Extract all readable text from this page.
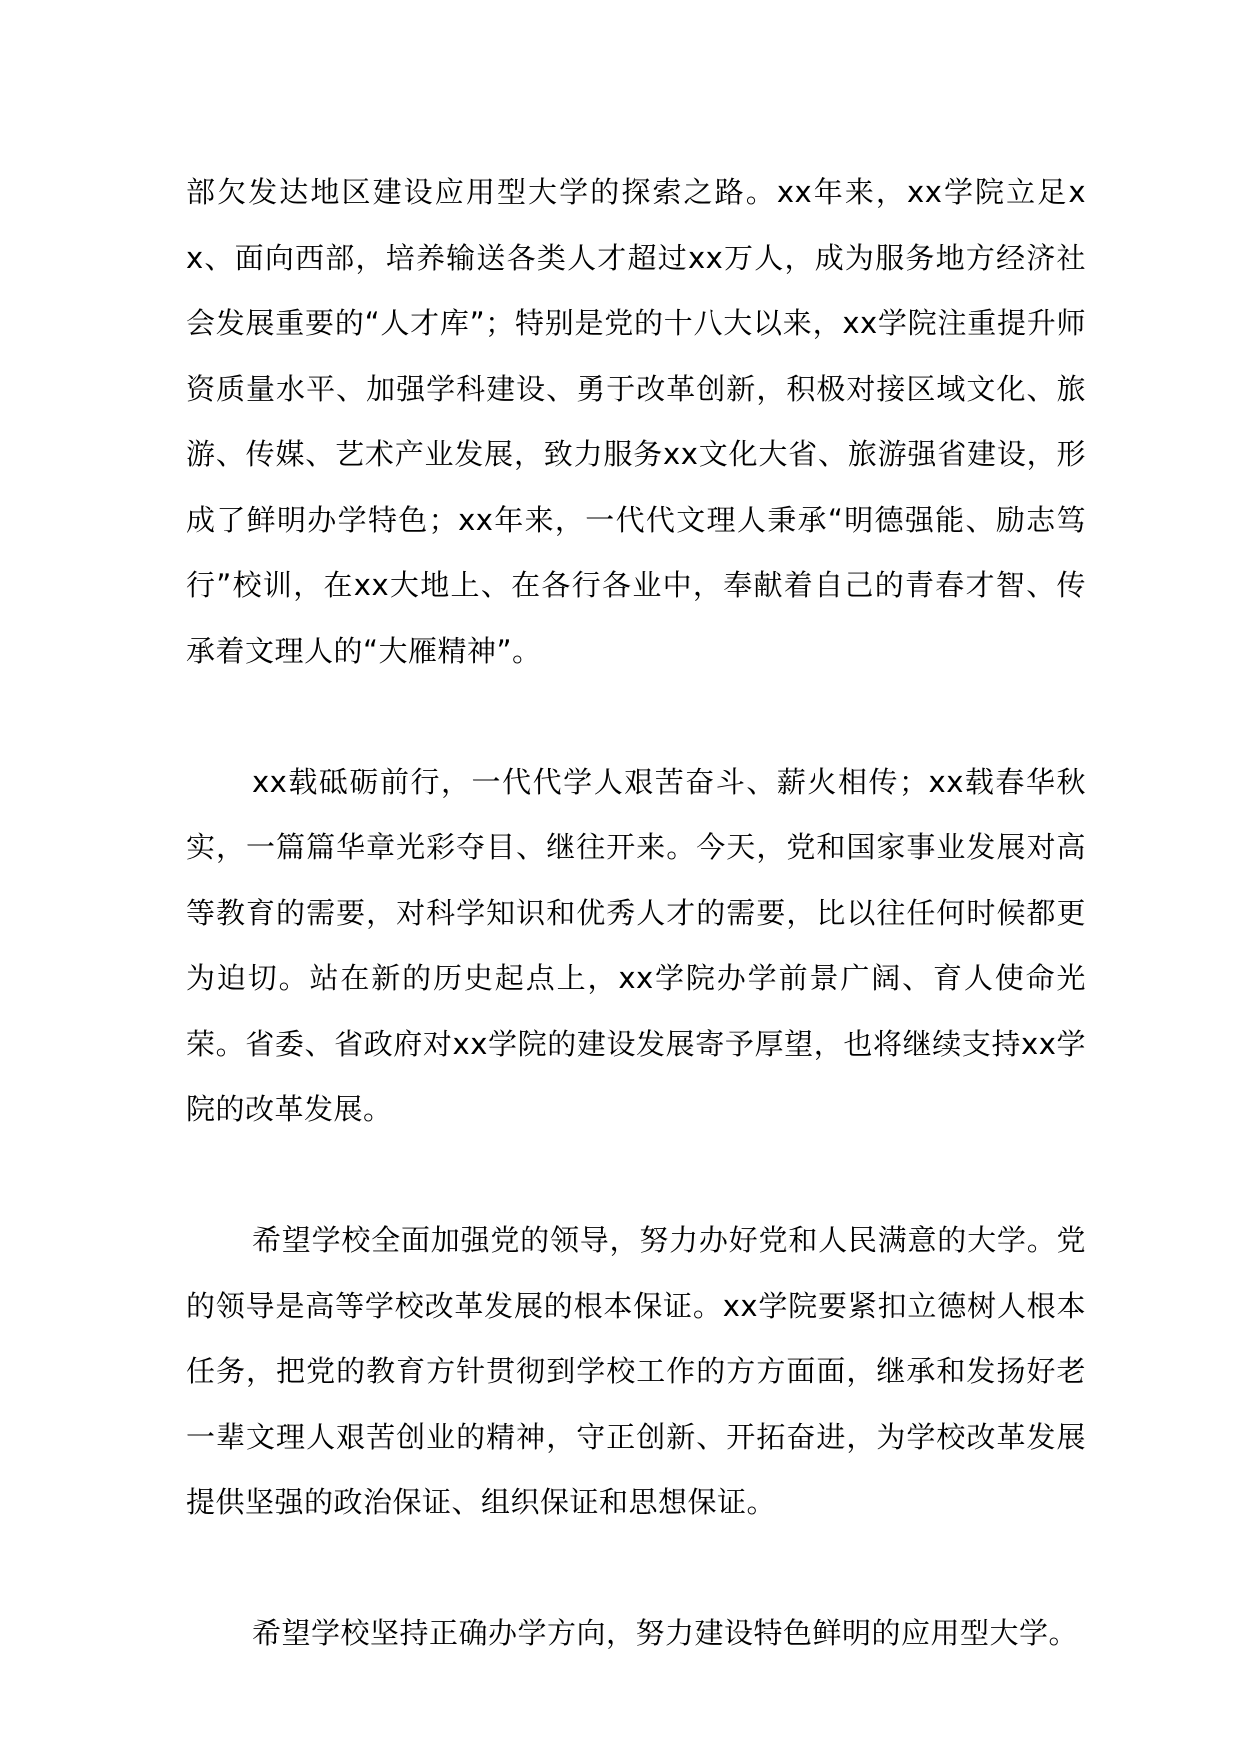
部欠发达地区建设应用型大学的探索之路。xx年来，xx学院立足xx、面向西部，培养输送各类人才超过xx万人，成为服务地方经济社会发展重要的“人才库”；特别是党的十八大以来，xx学院注重提升师资质量水平、加强学科建设、勇于改革创新，积极对接区域文化、旅游、传媒、艺术产业发展，致力服务xx文化大省、旅游强省建设，形成了鲜明办学特色；xx年来，一代代文理人秉承“明德强能、励志笃行”校训，在xx大地上、在各行各业中，奉献着自己的青春才智、传承着文理人的“大雁精神”。

xx载砥砺前行，一代代学人艰苦奋斗、薪火相传；xx载春华秋实，一篇篇华章光彩夺目、继往开来。今天，党和国家事业发展对高等教育的需要，对科学知识和优秀人才的需要，比以往任何时候都更为迫切。站在新的历史起点上，xx学院办学前景广阔、育人使命光荣。省委、省政府对xx学院的建设发展寄予厚望，也将继续支持xx学院的改革发展。

希望学校全面加强党的领导，努力办好党和人民满意的大学。党的领导是高等学校改革发展的根本保证。xx学院要紧扣立德树人根本任务，把党的教育方针贯彻到学校工作的方方面面，继承和发扬好老一辈文理人艰苦创业的精神，守正创新、开拓奋进，为学校改革发展提供坚强的政治保证、组织保证和思想保证。

希望学校坚持正确办学方向，努力建设特色鲜明的应用型大学。
